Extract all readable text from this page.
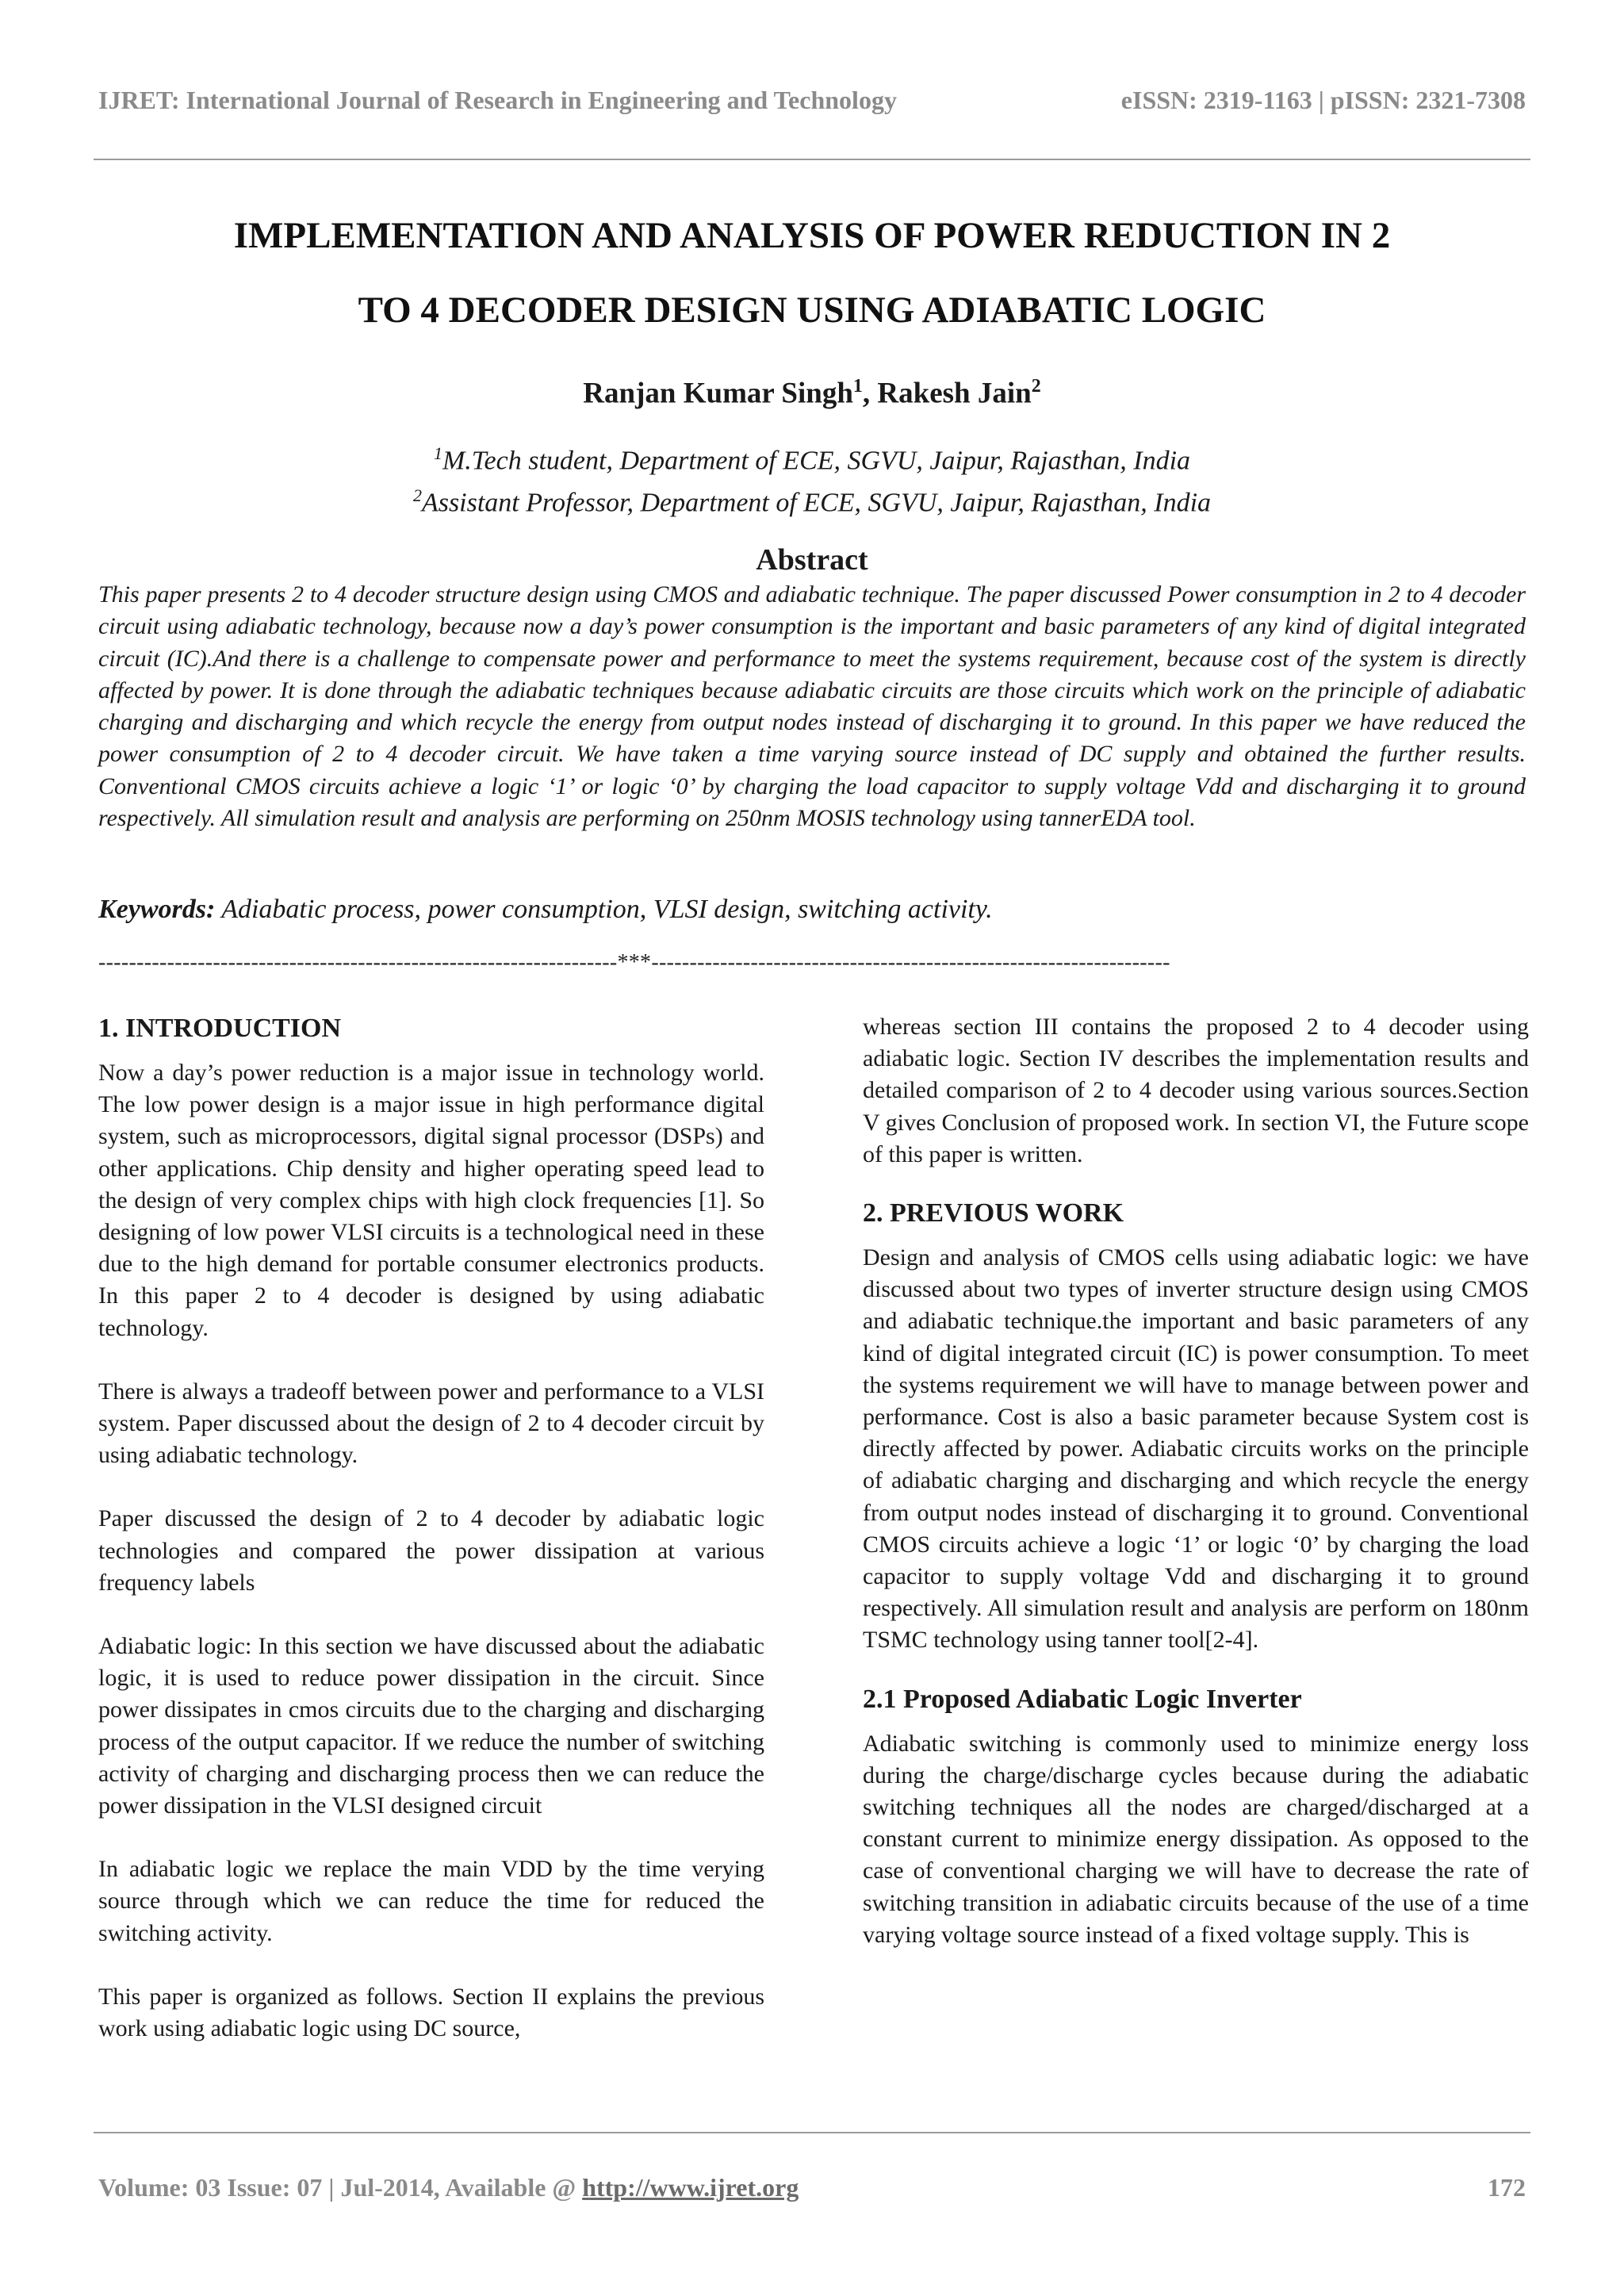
IJRET: International Journal of Research in Engineering and Technology	eISSN: 2319-1163 | pISSN: 2321-7308
IMPLEMENTATION AND ANALYSIS OF POWER REDUCTION IN 2
TO 4 DECODER DESIGN USING ADIABATIC LOGIC
Ranjan Kumar Singh$^1$, Rakesh Jain$^2$
$^1$M.Tech student, Department of ECE, SGVU, Jaipur, Rajasthan, India
$^2$Assistant Professor, Department of ECE, SGVU, Jaipur, Rajasthan, India
Abstract
This paper presents 2 to 4 decoder structure design using CMOS and adiabatic technique. The paper discussed Power consumption in 2 to 4 decoder circuit using adiabatic technology, because now a day’s power consumption is the important and basic parameters of any kind of digital integrated circuit (IC).And there is a challenge to compensate power and performance to meet the systems requirement, because cost of the system is directly affected by power. It is done through the adiabatic techniques because adiabatic circuits are those circuits which work on the principle of adiabatic charging and discharging and which recycle the energy from output nodes instead of discharging it to ground. In this paper we have reduced the power consumption of 2 to 4 decoder circuit. We have taken a time varying source instead of DC supply and obtained the further results. Conventional CMOS circuits achieve a logic ‘1’ or logic ‘0’ by charging the load capacitor to supply voltage Vdd and discharging it to ground respectively. All simulation result and analysis are performing on 250nm MOSIS technology using tannerEDA tool.
Keywords: Adiabatic process, power consumption, VLSI design, switching activity.
--------------------------------------------------------------------***--------------------------------------------------------------------
1. INTRODUCTION

Now a day’s power reduction is a major issue in technology world. The low power design is a major issue in high performance digital system, such as microprocessors, digital signal processor (DSPs) and other applications. Chip density and higher operating speed lead to the design of very complex chips with high clock frequencies [1]. So designing of low power VLSI circuits is a technological need in these due to the high demand for portable consumer electronics products. In this paper 2 to 4 decoder is designed by using adiabatic technology.

There is always a tradeoff between power and performance to a VLSI system. Paper discussed about the design of 2 to 4 decoder circuit by using adiabatic technology.

Paper discussed the design of 2 to 4 decoder by adiabatic logic technologies and compared the power dissipation at various frequency labels

Adiabatic logic: In this section we have discussed about the adiabatic logic, it is used to reduce power dissipation in the circuit. Since power dissipates in cmos circuits due to the charging and discharging process of the output capacitor. If we reduce the number of switching activity of charging and discharging process then we can reduce the power dissipation in the VLSI designed circuit

In adiabatic logic we replace the main VDD by the time verying source through which we can reduce the time for reduced the switching activity.

This paper is organized as follows. Section II explains the previous work using adiabatic logic using DC source,

whereas section III contains the proposed 2 to 4 decoder using adiabatic logic. Section IV describes the implementation results and detailed comparison of 2 to 4 decoder using various sources.Section V gives Conclusion of proposed work. In section VI, the Future scope of this paper is written.

2. PREVIOUS WORK

Design and analysis of CMOS cells using adiabatic logic: we have discussed about two types of inverter structure design using CMOS and adiabatic technique.the important and basic parameters of any kind of digital integrated circuit (IC) is power consumption. To meet the systems requirement we will have to manage between power and performance. Cost is also a basic parameter because System cost is directly affected by power. Adiabatic circuits works on the principle of adiabatic charging and discharging and which recycle the energy from output nodes instead of discharging it to ground. Conventional CMOS circuits achieve a logic ‘1’ or logic ‘0’ by charging the load capacitor to supply voltage Vdd and discharging it to ground respectively. All simulation result and analysis are perform on 180nm TSMC technology using tanner tool[2-4].

2.1 Proposed Adiabatic Logic Inverter

Adiabatic switching is commonly used to minimize energy loss during the charge/discharge cycles because during the adiabatic switching techniques all the nodes are charged/discharged at a constant current to minimize energy dissipation. As opposed to the case of conventional charging we will have to decrease the rate of switching transition in adiabatic circuits because of the use of a time varying voltage source instead of a fixed voltage supply. This is

Volume: 03 Issue: 07 | Jul-2014, Available @ http://www.ijret.org	172
